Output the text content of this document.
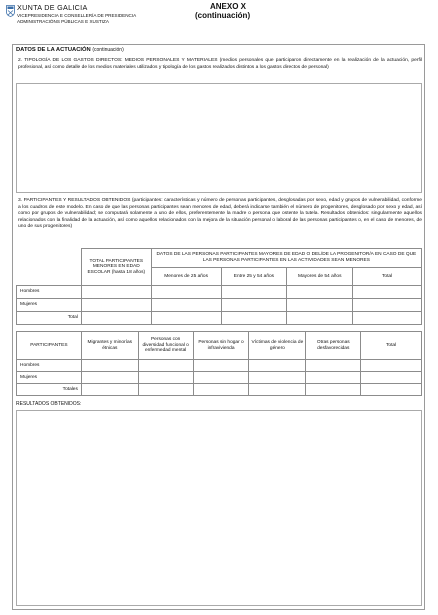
XUNTA DE GALICIA
VICEPRESIDENCIA E CONSELLERÍA DE PRESIDENCIA
ADMINISTRACIÓNS PÚBLICAS E XUSTIZA
ANEXO X
(continuación)
DATOS DE LA ACTUACIÓN (continuación)
2. TIPOLOGÍA DE LOS GASTOS DIRECTOS: MEDIOS PERSONALES Y MATERIALES (medios personales que participaron directamente en la realización de la actuación, perfil profesional, así como detalle de los medios materiales utilizados y tipología de los gastos realizados distintos a los gastos directos de personal)
3. PARTICIPANTES Y RESULTADOS OBTENIDOS (participantes: características y número de personas participantes, desglosadas por sexo, edad y grupos de vulnerabilidad, conforme a los cuadros de este modelo. En caso de que las personas participantes sean menores de edad, deberá indicarse también el número de progenitores, desglosado por sexo y edad, así como por grupos de vulnerabilidad; se computará solamente a uno de ellos, preferentemente la madre o persona que ostente la tutela. Resultados obtenidos: singularmente aquellos relacionados con la finalidad de la actuación, así como aquellos relacionados con la mejora de la situación personal o laboral de las personas participantes o, en el caso de menores, de uno de sus progenitores)
	TOTAL PARTICIPANTES MENORES EN EDAD ESCOLAR (hasta 18 años)	DATOS DE LAS PERSONAS PARTICIPANTES MAYORES DE EDAD O DEL/DE LA PROGENITOR/A EN CASO DE QUE LAS PERSONAS PARTICIPANTES EN LAS ACTIVIDADES SEAN MENORES			
		Menores de 25 años	Entre 25 y 54 años	Mayores de 54 años	Total
Hombres					
Mujeres					
Total					
PARTICIPANTES	Migrantes y minorías étnicas	Personas con diversidad funcional o enfermedad mental	Personas sin hogar o infravivienda	Víctimas de violencia de género	Otras personas desfavorecidas	Total
Hombres						
Mujeres						
Totales						
RESULTADOS OBTENIDOS:
